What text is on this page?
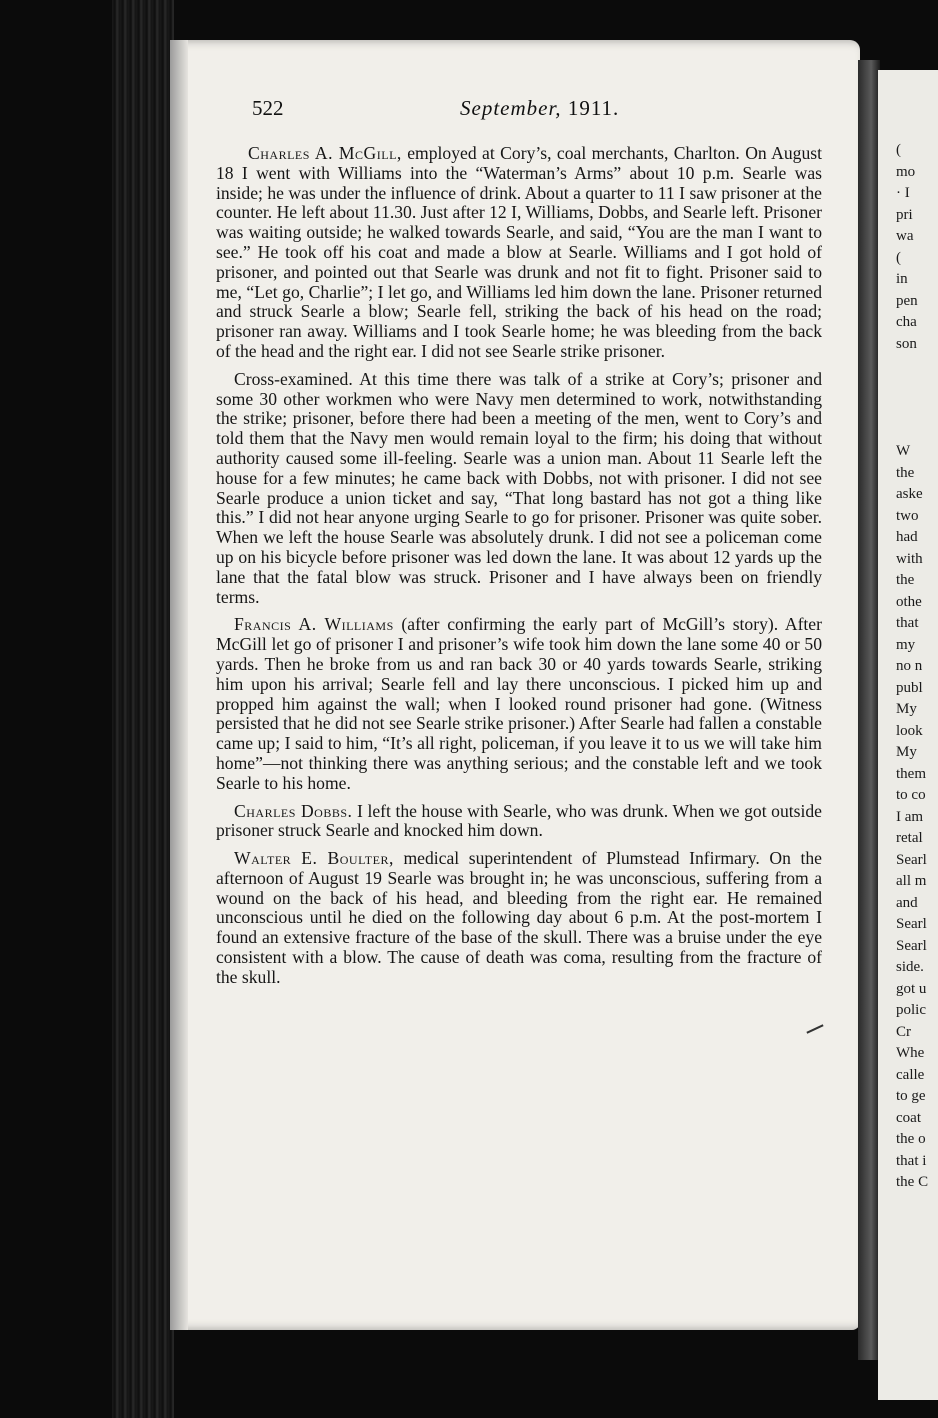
522	September, 1911.

Charles A. McGill, employed at Cory’s, coal merchants, Charlton. On August 18 I went with Williams into the “Waterman’s Arms” about 10 p.m. Searle was inside; he was under the influence of drink. About a quarter to 11 I saw prisoner at the counter. He left about 11.30. Just after 12 I, Williams, Dobbs, and Searle left. Prisoner was waiting outside; he walked towards Searle, and said, “You are the man I want to see.” He took off his coat and made a blow at Searle. Williams and I got hold of prisoner, and pointed out that Searle was drunk and not fit to fight. Prisoner said to me, “Let go, Charlie”; I let go, and Williams led him down the lane. Prisoner returned and struck Searle a blow; Searle fell, striking the back of his head on the road; prisoner ran away. Williams and I took Searle home; he was bleeding from the back of the head and the right ear. I did not see Searle strike prisoner.

Cross-examined. At this time there was talk of a strike at Cory’s; prisoner and some 30 other workmen who were Navy men determined to work, notwithstanding the strike; prisoner, before there had been a meeting of the men, went to Cory’s and told them that the Navy men would remain loyal to the firm; his doing that without authority caused some ill-feeling. Searle was a union man. About 11 Searle left the house for a few minutes; he came back with Dobbs, not with prisoner. I did not see Searle produce a union ticket and say, “That long bastard has not got a thing like this.” I did not hear anyone urging Searle to go for prisoner. Prisoner was quite sober. When we left the house Searle was absolutely drunk. I did not see a policeman come up on his bicycle before prisoner was led down the lane. It was about 12 yards up the lane that the fatal blow was struck. Prisoner and I have always been on friendly terms.

Francis A. Williams (after confirming the early part of McGill’s story). After McGill let go of prisoner I and prisoner’s wife took him down the lane some 40 or 50 yards. Then he broke from us and ran back 30 or 40 yards towards Searle, striking him upon his arrival; Searle fell and lay there unconscious. I picked him up and propped him against the wall; when I looked round prisoner had gone. (Witness persisted that he did not see Searle strike prisoner.) After Searle had fallen a constable came up; I said to him, “It’s all right, policeman, if you leave it to us we will take him home”—not thinking there was anything serious; and the constable left and we took Searle to his home.

Charles Dobbs. I left the house with Searle, who was drunk. When we got outside prisoner struck Searle and knocked him down.

Walter E. Boulter, medical superintendent of Plumstead Infirmary. On the afternoon of August 19 Searle was brought in; he was unconscious, suffering from a wound on the back of his head, and bleeding from the right ear. He remained unconscious until he died on the following day about 6 p.m. At the post-mortem I found an extensive fracture of the base of the skull. There was a bruise under the eye consistent with a blow. The cause of death was coma, resulting from the fracture of the skull.

(
mo
· I
pri
wa
(
in
pen
cha
son
W
the
aske
two
had
with
the
othe
that
my
no n
publ
My
look
My
them
to co
I am
retal
Searl
all m
and
Searl
Searl
side.
got u
polic
Cr
Whe
calle
to ge
coat
the o
that i
the C
